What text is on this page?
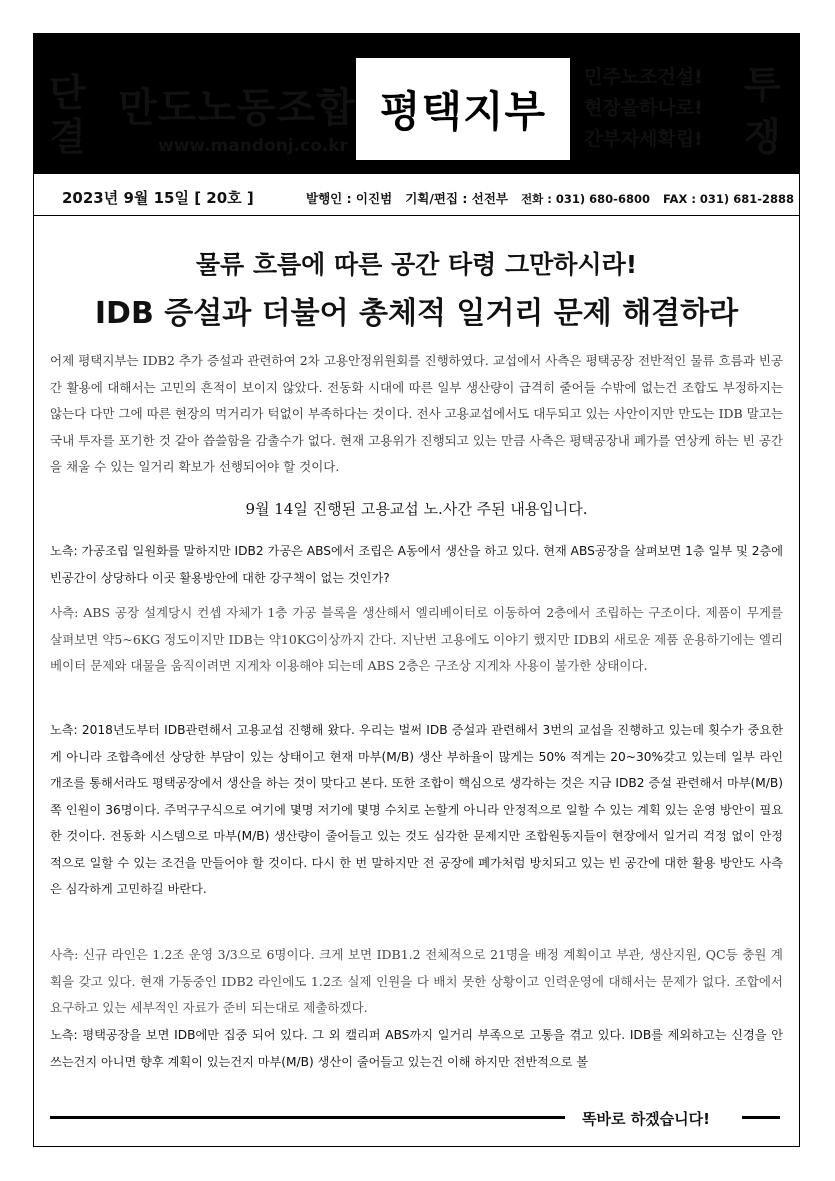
단
결
만도노동조합
www.mandonj.co.kr
평택지부
민주노조건설!
현장을하나로!
간부자세확립!
투
쟁
2023년 9월 15일 [ 20호 ]	발행인 : 이진범 기획/편집 : 선전부 전화 : 031) 680-6800 FAX : 031) 681-2888
물류 흐름에 따른 공간 타령 그만하시라!
IDB 증설과 더불어 총체적 일거리 문제 해결하라
어제 평택지부는 IDB2 추가 증설과 관련하여 2차 고용안정위원회를 진행하였다. 교섭에서 사측은 평택공장 전반적인 물류 흐름과 빈공간 활용에 대해서는 고민의 흔적이 보이지 않았다. 전동화 시대에 따른 일부 생산량이 급격히 줄어들 수밖에 없는건 조합도 부정하지는 않는다 다만 그에 따른 현장의 먹거리가 턱없이 부족하다는 것이다. 전사 고용교섭에서도 대두되고 있는 사안이지만 만도는 IDB 말고는 국내 투자를 포기한 것 같아 씁쓸함을 감출수가 없다. 현재 고용위가 진행되고 있는 만큼 사측은 평택공장내 폐가를 연상케 하는 빈 공간을 채울 수 있는 일거리 확보가 선행되어야 할 것이다.
9월 14일 진행된 고용교섭 노.사간 주된 내용입니다.
노측: 가공조립 일원화를 말하지만 IDB2 가공은 ABS에서 조립은 A동에서 생산을 하고 있다. 현재 ABS공장을 살펴보면 1층 일부 및 2층에 빈공간이 상당하다 이곳 활용방안에 대한 강구책이 없는 것인가?
사측: ABS 공장 설계당시 컨셉 자체가 1층 가공 블록을 생산해서 엘리베이터로 이동하여 2층에서 조립하는 구조이다. 제품이 무게를 살펴보면 약5~6KG 정도이지만 IDB는 약10KG이상까지 간다. 지난번 고용에도 이야기 했지만 IDB외 새로운 제품 운용하기에는 엘리베이터 문제와 대물을 움직이려면 지게차 이용해야 되는데 ABS 2층은 구조상 지게차 사용이 불가한 상태이다.
노측: 2018년도부터 IDB관련해서 고용교섭 진행해 왔다. 우리는 벌써 IDB 증설과 관련해서 3번의 교섭을 진행하고 있는데 횟수가 중요한게 아니라 조합측에선 상당한 부담이 있는 상태이고 현재 마부(M/B) 생산 부하율이 많게는 50% 적게는 20~30%갖고 있는데 일부 라인 개조를 통해서라도 평택공장에서 생산을 하는 것이 맞다고 본다. 또한 조합이 핵심으로 생각하는 것은 지금 IDB2 증설 관련해서 마부(M/B)쪽 인원이 36명이다. 주먹구구식으로 여기에 몇명 저기에 몇명 수치로 논할게 아니라 안정적으로 일할 수 있는 계획 있는 운영 방안이 필요한 것이다. 전동화 시스템으로 마부(M/B) 생산량이 줄어들고 있는 것도 심각한 문제지만 조합원동지들이 현장에서 일거리 걱정 없이 안정적으로 일할 수 있는 조건을 만들어야 할 것이다. 다시 한 번 말하지만 전 공장에 폐가처럼 방치되고 있는 빈 공간에 대한 활용 방안도 사측은 심각하게 고민하길 바란다.
사측: 신규 라인은 1.2조 운영 3/3으로 6명이다. 크게 보면 IDB1.2 전체적으로 21명을 배정 계획이고 부관, 생산지원, QC등 충원 계획을 갖고 있다. 현재 가동중인 IDB2 라인에도 1.2조 실제 인원을 다 배치 못한 상황이고 인력운영에 대해서는 문제가 없다. 조합에서 요구하고 있는 세부적인 자료가 준비 되는대로 제출하겠다.
노측: 평택공장을 보면 IDB에만 집중 되어 있다. 그 외 캘리퍼 ABS까지 일거리 부족으로 고통을 겪고 있다. IDB를 제외하고는 신경을 안 쓰는건지 아니면 향후 계획이 있는건지 마부(M/B) 생산이 줄어들고 있는건 이해 하지만 전반적으로 볼
똑바로 하겠습니다!
